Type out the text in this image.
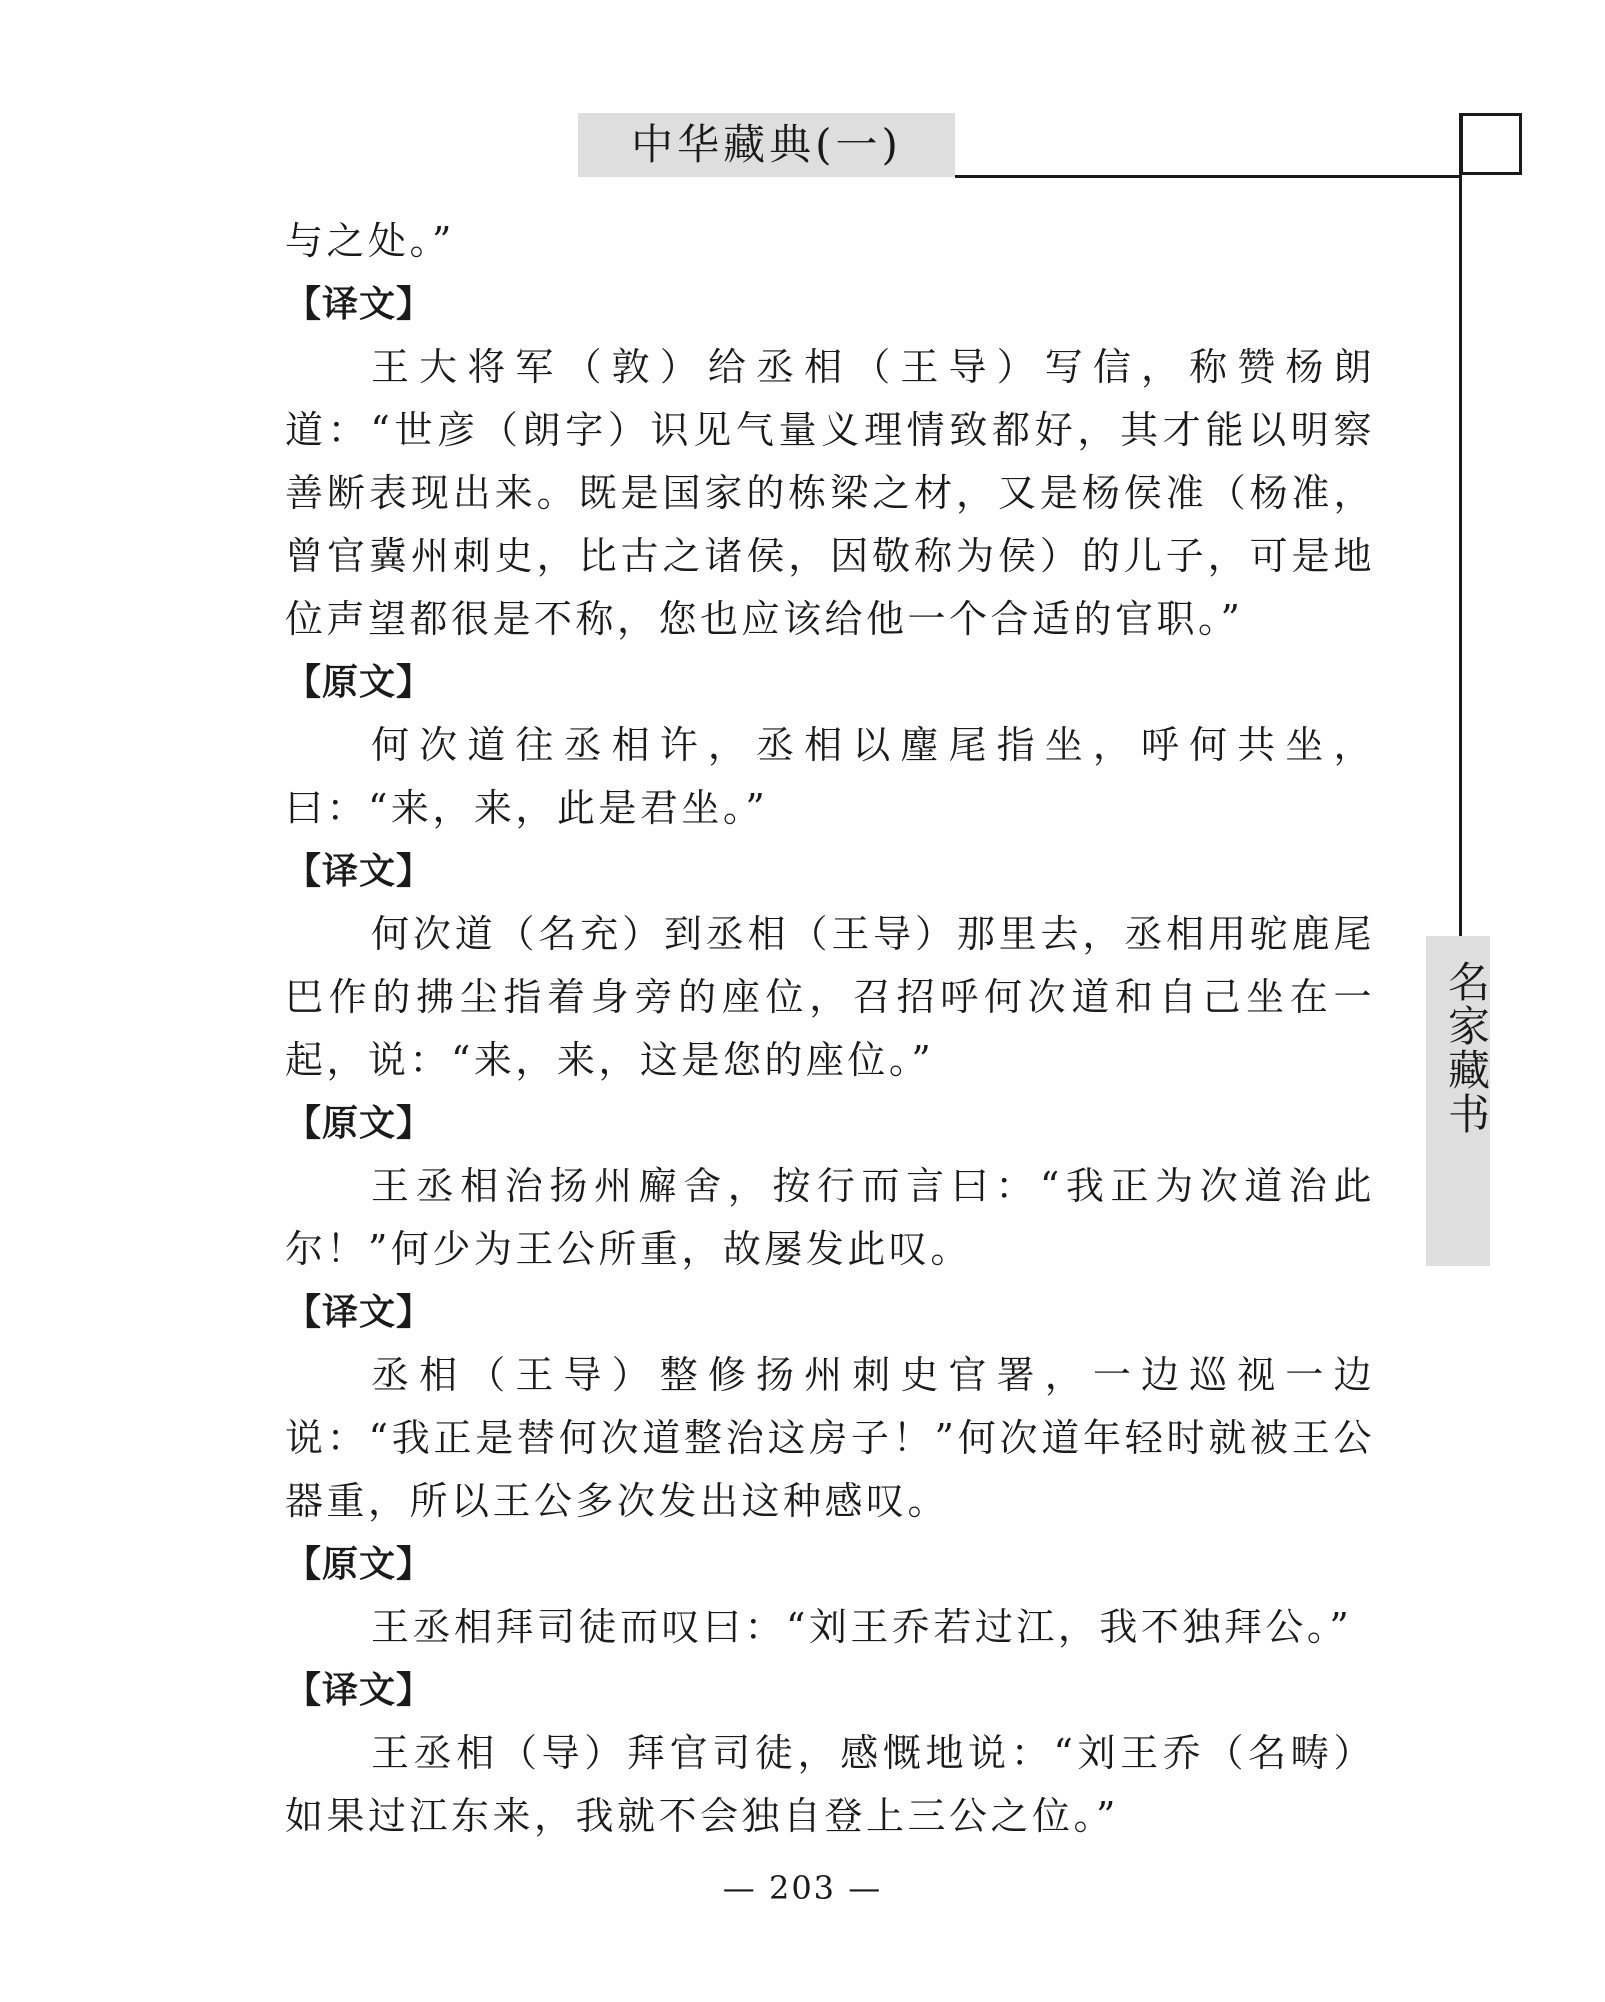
中华藏典(一)
名家藏书

与之处。”

【译文】

王大将军（敦）给丞相（王导）写信，称赞杨朗道：“世彦（朗字）识见气量义理情致都好，其才能以明察善断表现出来。既是国家的栋梁之材，又是杨侯准（杨准，曾官冀州刺史，比古之诸侯，因敬称为侯）的儿子，可是地位声望都很是不称，您也应该给他一个合适的官职。”

【原文】

何次道往丞相许，丞相以麈尾指坐，呼何共坐，曰：“来，来，此是君坐。”

【译文】

何次道（名充）到丞相（王导）那里去，丞相用驼鹿尾巴作的拂尘指着身旁的座位，召招呼何次道和自己坐在一起，说：“来，来，这是您的座位。”

【原文】

王丞相治扬州廨舍，按行而言曰：“我正为次道治此尔！”何少为王公所重，故屡发此叹。

【译文】

丞相（王导）整修扬州刺史官署，一边巡视一边说：“我正是替何次道整治这房子！”何次道年轻时就被王公器重，所以王公多次发出这种感叹。

【原文】

王丞相拜司徒而叹曰：“刘王乔若过江，我不独拜公。”

【译文】

王丞相（导）拜官司徒，感慨地说：“刘王乔（名畴）如果过江东来，我就不会独自登上三公之位。”

— 203 —
